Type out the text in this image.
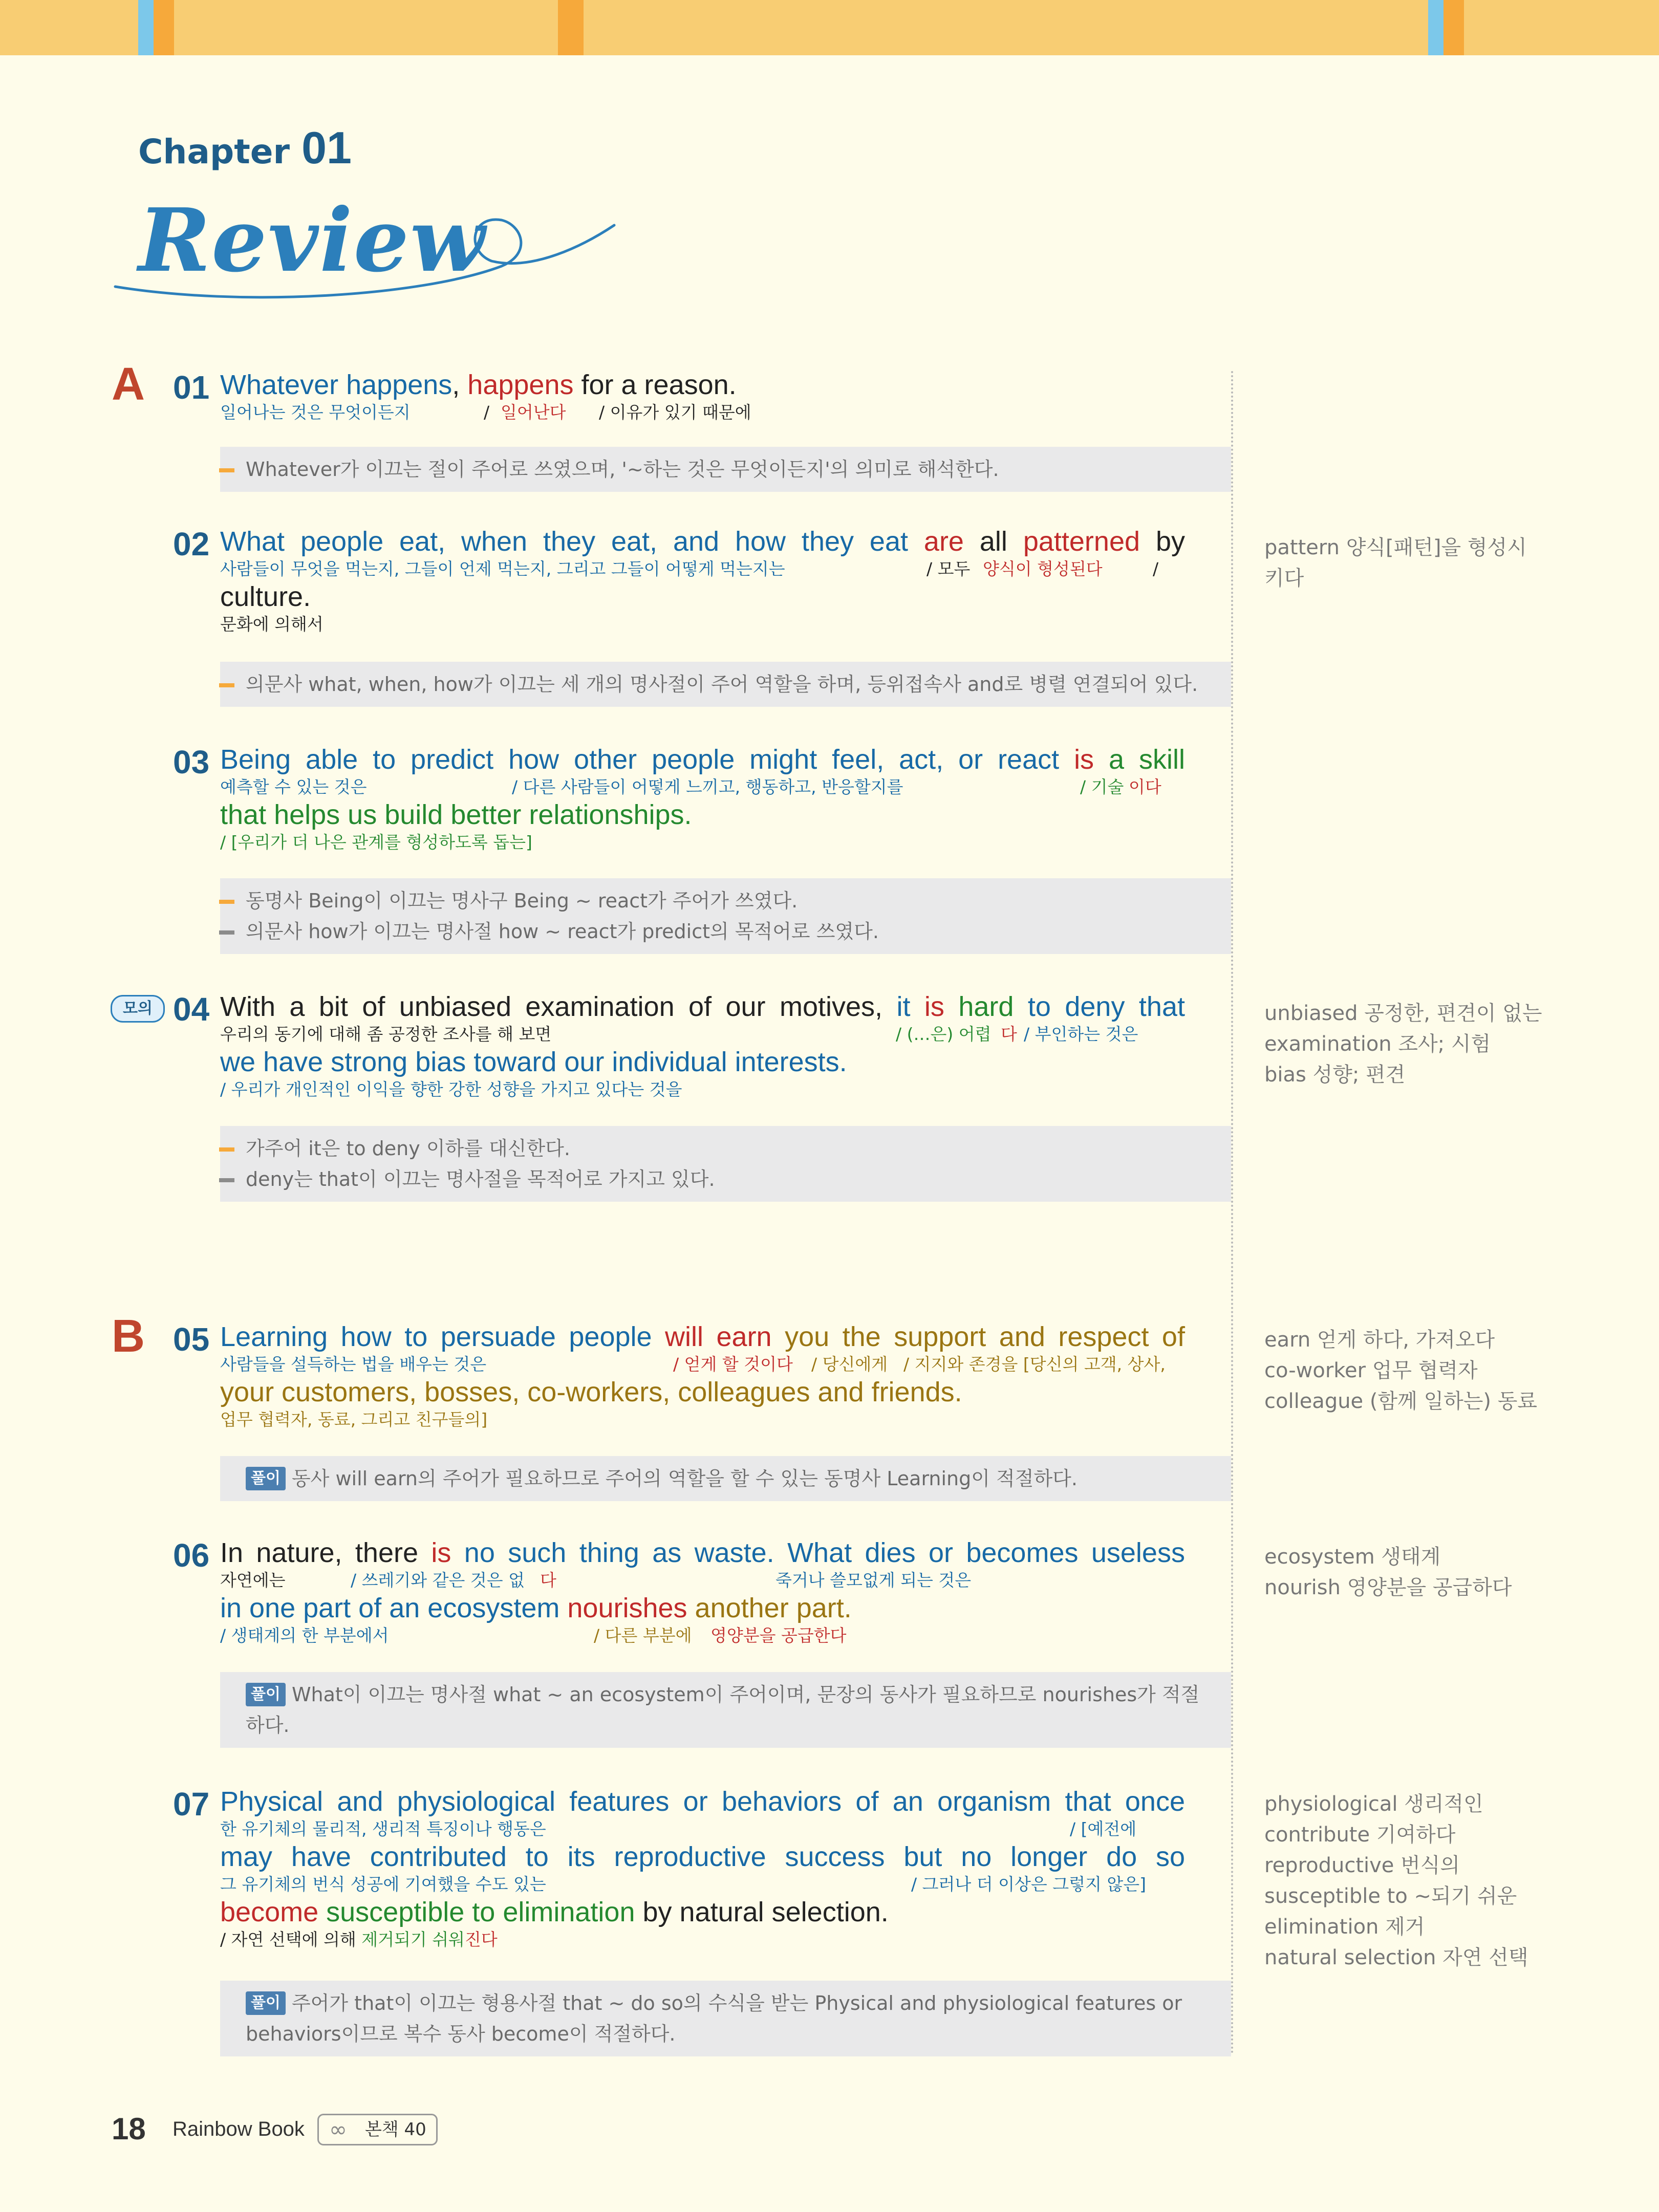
Chapter 01
Review
A 01 Whatever happens, happens for a reason.
일어나는 것은 무엇이든지	/ 일어난다 / 이유가 있기 때문에
Whatever가 이끄는 절이 주어로 쓰였으며, '~하는 것은 무엇이든지'의 의미로 해석한다.
02 What people eat, when they eat, and how they eat are all patterned by
사람들이 무엇을 먹는지, 그들이 언제 먹는지, 그리고 그들이 어떻게 먹는지는	/ 모두 양식이 형성된다	/
culture.
문화에 의해서
의문사 what, when, how가 이끄는 세 개의 명사절이 주어 역할을 하며, 등위접속사 and로 병렬 연결되어 있다.
pattern 양식[패턴]을 형성시
키다
03 Being able to predict how other people might feel, act, or react is a skill
예측할 수 있는 것은	/ 다른 사람들이 어떻게 느끼고, 행동하고, 반응할지를	/ 기술 이다
that helps us build better relationships.
/ [우리가 더 나은 관계를 형성하도록 돕는]
동명사 Being이 이끄는 명사구 Being ~ react가 주어가 쓰였다.
의문사 how가 이끄는 명사절 how ~ react가 predict의 목적어로 쓰였다.
모의 04 With a bit of unbiased examination of our motives, it is hard to deny that
우리의 동기에 대해 좀 공정한 조사를 해 보면	/ (…은) 어렵 다 / 부인하는 것은
we have strong bias toward our individual interests.
/ 우리가 개인적인 이익을 향한 강한 성향을 가지고 있다는 것을
가주어 it은 to deny 이하를 대신한다.
deny는 that이 이끄는 명사절을 목적어로 가지고 있다.
unbiased 공정한, 편견이 없는
examination 조사; 시험
bias 성향; 편견
B 05 Learning how to persuade people will earn you the support and respect of
사람들을 설득하는 법을 배우는 것은	/ 얻게 할 것이다 / 당신에게 / 지지와 존경을 [당신의 고객, 상사,
your customers, bosses, co-workers, colleagues and friends.
업무 협력자, 동료, 그리고 친구들의]
풀이 동사 will earn의 주어가 필요하므로 주어의 역할을 할 수 있는 동명사 Learning이 적절하다.
earn 얻게 하다, 가져오다
co-worker 업무 협력자
colleague (함께 일하는) 동료
06 In nature, there is no such thing as waste. What dies or becomes useless
자연에는	/ 쓰레기와 같은 것은 없 다	죽거나 쓸모없게 되는 것은
in one part of an ecosystem nourishes another part.
/ 생태계의 한 부분에서	/ 다른 부분에 영양분을 공급한다
풀이 What이 이끄는 명사절 what ~ an ecosystem이 주어이며, 문장의 동사가 필요하므로 nourishes가 적절
하다.
ecosystem 생태계
nourish 영양분을 공급하다
07 Physical and physiological features or behaviors of an organism that once
한 유기체의 물리적, 생리적 특징이나 행동은	/ [예전에
may have contributed to its reproductive success but no longer do so
그 유기체의 번식 성공에 기여했을 수도 있는	/ 그러나 더 이상은 그렇지 않은]
become susceptible to elimination by natural selection.
/ 자연 선택에 의해 제거되기 쉬워진다
풀이 주어가 that이 이끄는 형용사절 that ~ do so의 수식을 받는 Physical and physiological features or
behaviors이므로 복수 동사 become이 적절하다.
physiological 생리적인
contribute 기여하다
reproductive 번식의
susceptible to ~되기 쉬운
elimination 제거
natural selection 자연 선택
18 Rainbow Book ∞ 본책 40
